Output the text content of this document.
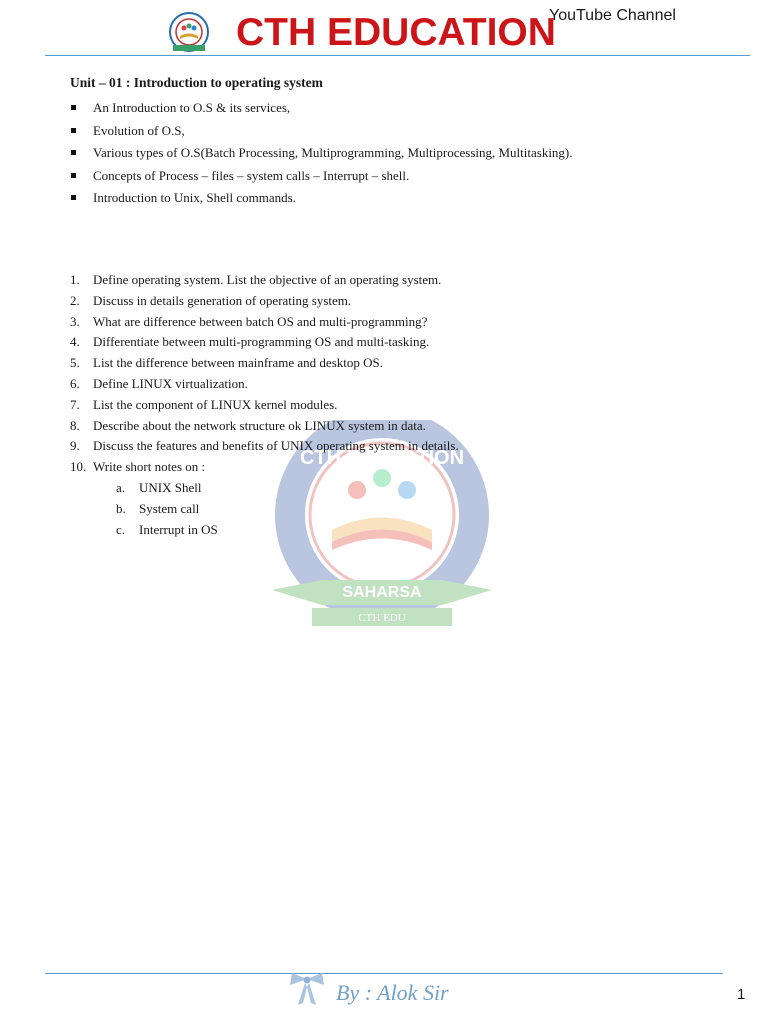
CTH EDUCATION
YouTube Channel
CTH EDUCATION
SAHARSA
CTH EDU
Unit – 01 : Introduction to operating system
An Introduction to O.S & its services,
Evolution of O.S,
Various types of O.S(Batch Processing, Multiprogramming, Multiprocessing, Multitasking).
Concepts of Process – files – system calls – Interrupt – shell.
Introduction to Unix, Shell commands.
1. Define operating system. List the objective of an operating system.
2. Discuss in details generation of operating system.
3. What are difference between batch OS and multi-programming?
4. Differentiate between multi-programming OS and multi-tasking.
5. List the difference between mainframe and desktop OS.
6. Define LINUX virtualization.
7. List the component of LINUX kernel modules.
8. Describe about the network structure ok LINUX system in data.
9. Discuss the features and benefits of UNIX operating system in details.
10. Write short notes on :
a. UNIX Shell
b. System call
c. Interrupt in OS
By : Alok Sir	1
